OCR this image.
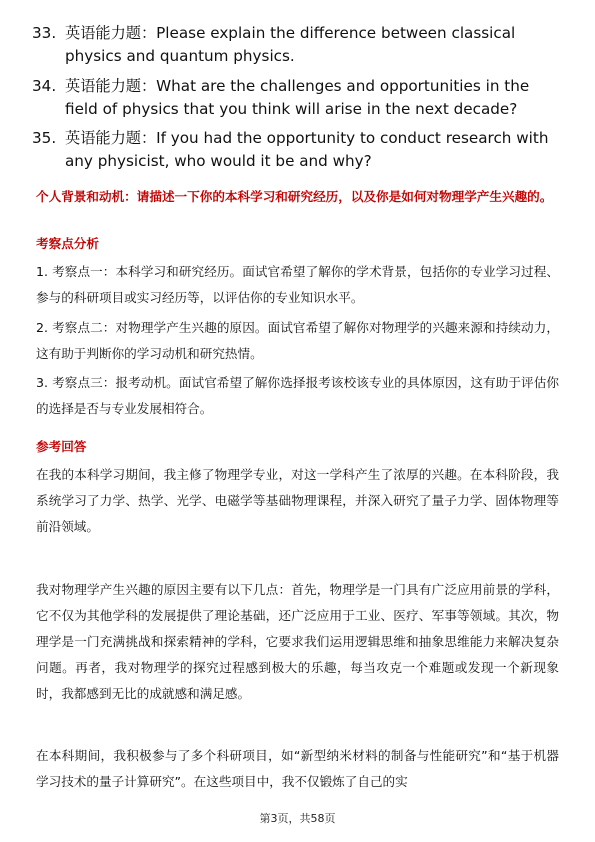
33. 英语能力题：Please explain the difference between classical physics and quantum physics.
34. 英语能力题：What are the challenges and opportunities in the field of physics that you think will arise in the next decade?
35. 英语能力题：If you had the opportunity to conduct research with any physicist, who would it be and why?
个人背景和动机：请描述一下你的本科学习和研究经历，以及你是如何对物理学产生兴趣的。
考察点分析
1. 考察点一：本科学习和研究经历。面试官希望了解你的学术背景，包括你的专业学习过程、参与的科研项目或实习经历等，以评估你的专业知识水平。
2. 考察点二：对物理学产生兴趣的原因。面试官希望了解你对物理学的兴趣来源和持续动力，这有助于判断你的学习动机和研究热情。
3. 考察点三：报考动机。面试官希望了解你选择报考该校该专业的具体原因，这有助于评估你的选择是否与专业发展相符合。
参考回答
在我的本科学习期间，我主修了物理学专业，对这一学科产生了浓厚的兴趣。在本科阶段，我系统学习了力学、热学、光学、电磁学等基础物理课程，并深入研究了量子力学、固体物理等前沿领域。
我对物理学产生兴趣的原因主要有以下几点：首先，物理学是一门具有广泛应用前景的学科，它不仅为其他学科的发展提供了理论基础，还广泛应用于工业、医疗、军事等领域。其次，物理学是一门充满挑战和探索精神的学科，它要求我们运用逻辑思维和抽象思维能力来解决复杂问题。再者，我对物理学的探究过程感到极大的乐趣，每当攻克一个难题或发现一个新现象时，我都感到无比的成就感和满足感。
在本科期间，我积极参与了多个科研项目，如“新型纳米材料的制备与性能研究”和“基于机器学习技术的量子计算研究”。在这些项目中，我不仅锻炼了自己的实
第3页，共58页
